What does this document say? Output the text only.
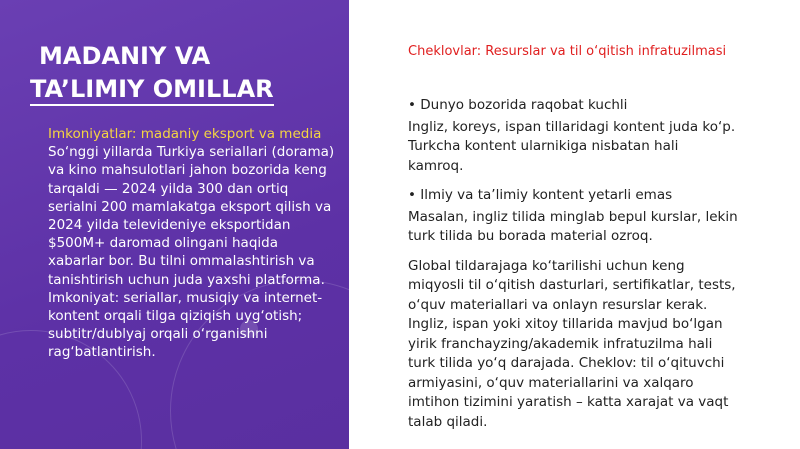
MADANIY VA
TA’LIMIY OMILLAR

Imkoniyatlar: madaniy eksport va media

So‘nggi yillarda Turkiya seriallari (dorama) va kino mahsulotlari jahon bozorida keng tarqaldi — 2024 yilda 300 dan ortiq serialni 200 mamlakatga eksport qilish va 2024 yilda televideniye eksportidan $500M+ daromad olingani haqida xabarlar bor. Bu tilni ommalashtirish va tanishtirish uchun juda yaxshi platforma.

Imkoniyat: seriallar, musiqiy va internet-kontent orqali tilga qiziqish uyg‘otish; subtitr/dublyaj orqali o‘rganishni rag‘batlantirish.

Cheklovlar: Resurslar va til o‘qitish infratuzilmasi

• Dunyo bozorida raqobat kuchli

Ingliz, koreys, ispan tillaridagi kontent juda ko‘p. Turkcha kontent ularnikiga nisbatan hali kamroq.

• Ilmiy va ta’limiy kontent yetarli emas

Masalan, ingliz tilida minglab bepul kurslar, lekin turk tilida bu borada material ozroq.

Global tildarajaga ko‘tarilishi uchun keng miqyosli til o‘qitish dasturlari, sertifikatlar, tests, o‘quv materiallari va onlayn resurslar kerak. Ingliz, ispan yoki xitoy tillarida mavjud bo‘lgan yirik franchayzing/akademik infratuzilma hali turk tilida yo‘q darajada. Cheklov: til o‘qituvchi armiyasini, o‘quv materiallarini va xalqaro imtihon tizimini yaratish – katta xarajat va vaqt talab qiladi.
